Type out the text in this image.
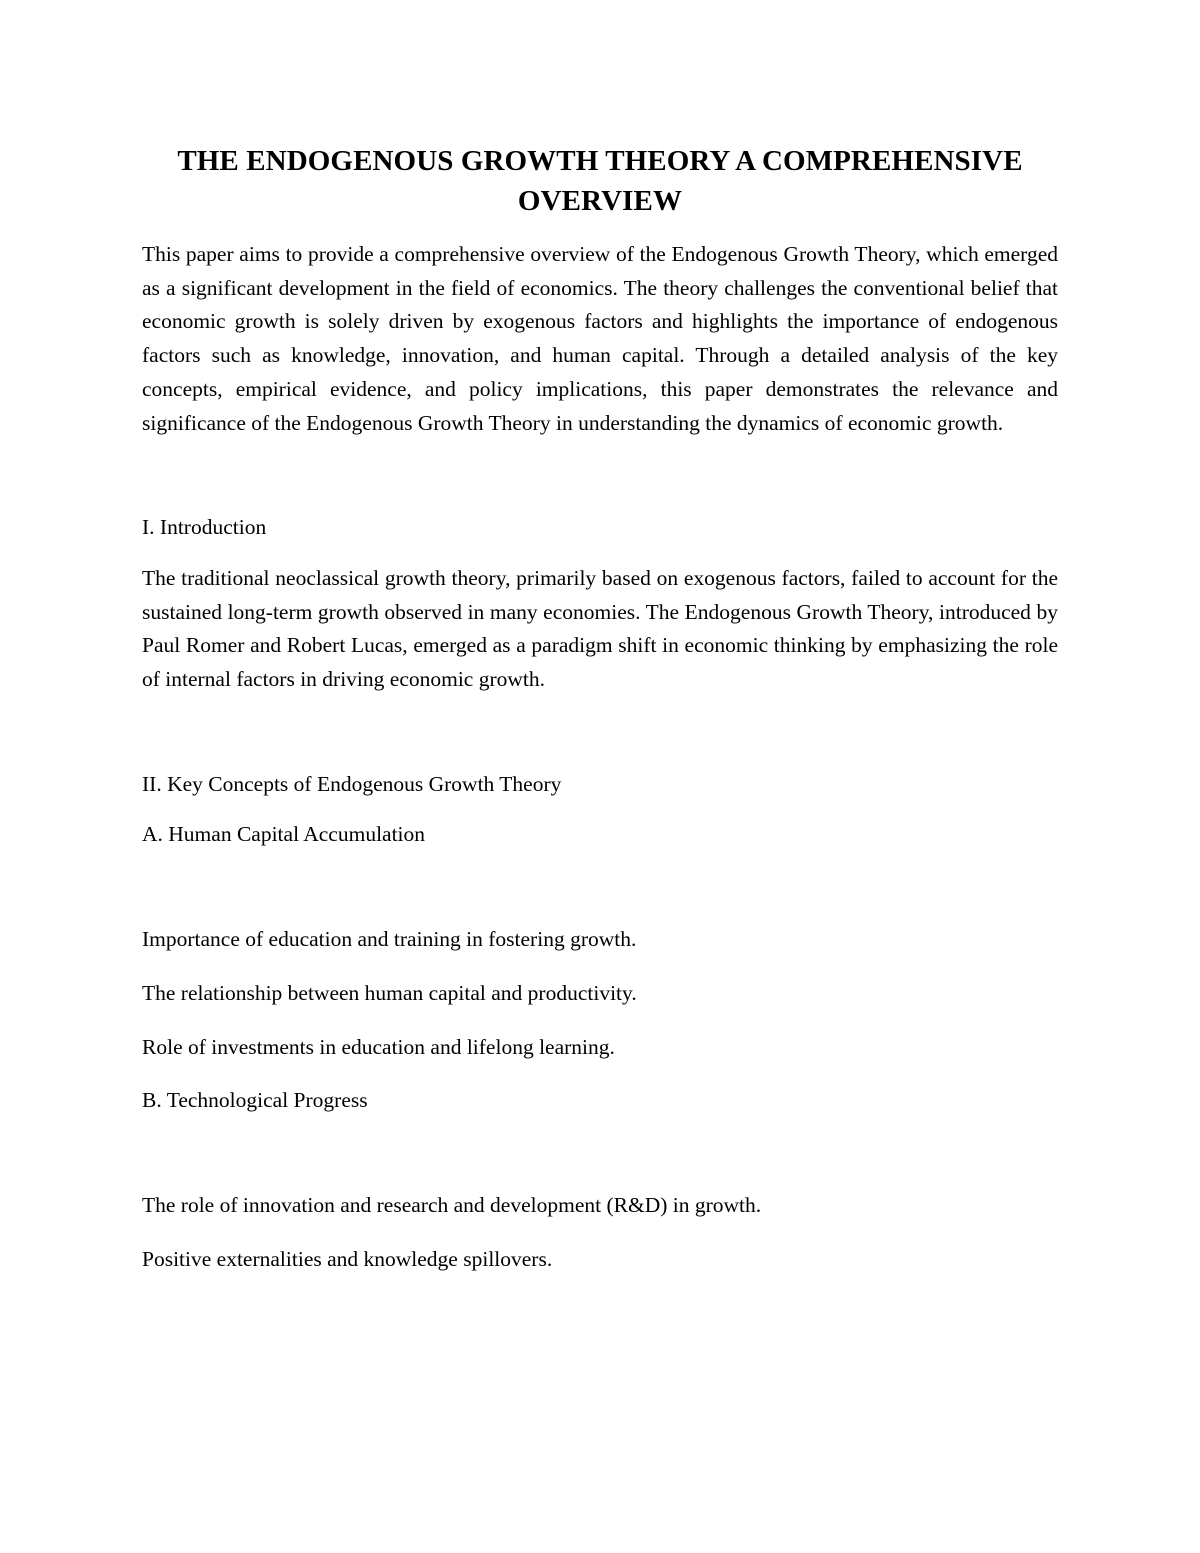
THE ENDOGENOUS GROWTH THEORY A COMPREHENSIVE OVERVIEW

This paper aims to provide a comprehensive overview of the Endogenous Growth Theory, which emerged as a significant development in the field of economics. The theory challenges the conventional belief that economic growth is solely driven by exogenous factors and highlights the importance of endogenous factors such as knowledge, innovation, and human capital. Through a detailed analysis of the key concepts, empirical evidence, and policy implications, this paper demonstrates the relevance and significance of the Endogenous Growth Theory in understanding the dynamics of economic growth.

I. Introduction

The traditional neoclassical growth theory, primarily based on exogenous factors, failed to account for the sustained long-term growth observed in many economies. The Endogenous Growth Theory, introduced by Paul Romer and Robert Lucas, emerged as a paradigm shift in economic thinking by emphasizing the role of internal factors in driving economic growth.

II. Key Concepts of Endogenous Growth Theory

A. Human Capital Accumulation

Importance of education and training in fostering growth.

The relationship between human capital and productivity.

Role of investments in education and lifelong learning.

B. Technological Progress

The role of innovation and research and development (R&D) in growth.

Positive externalities and knowledge spillovers.
